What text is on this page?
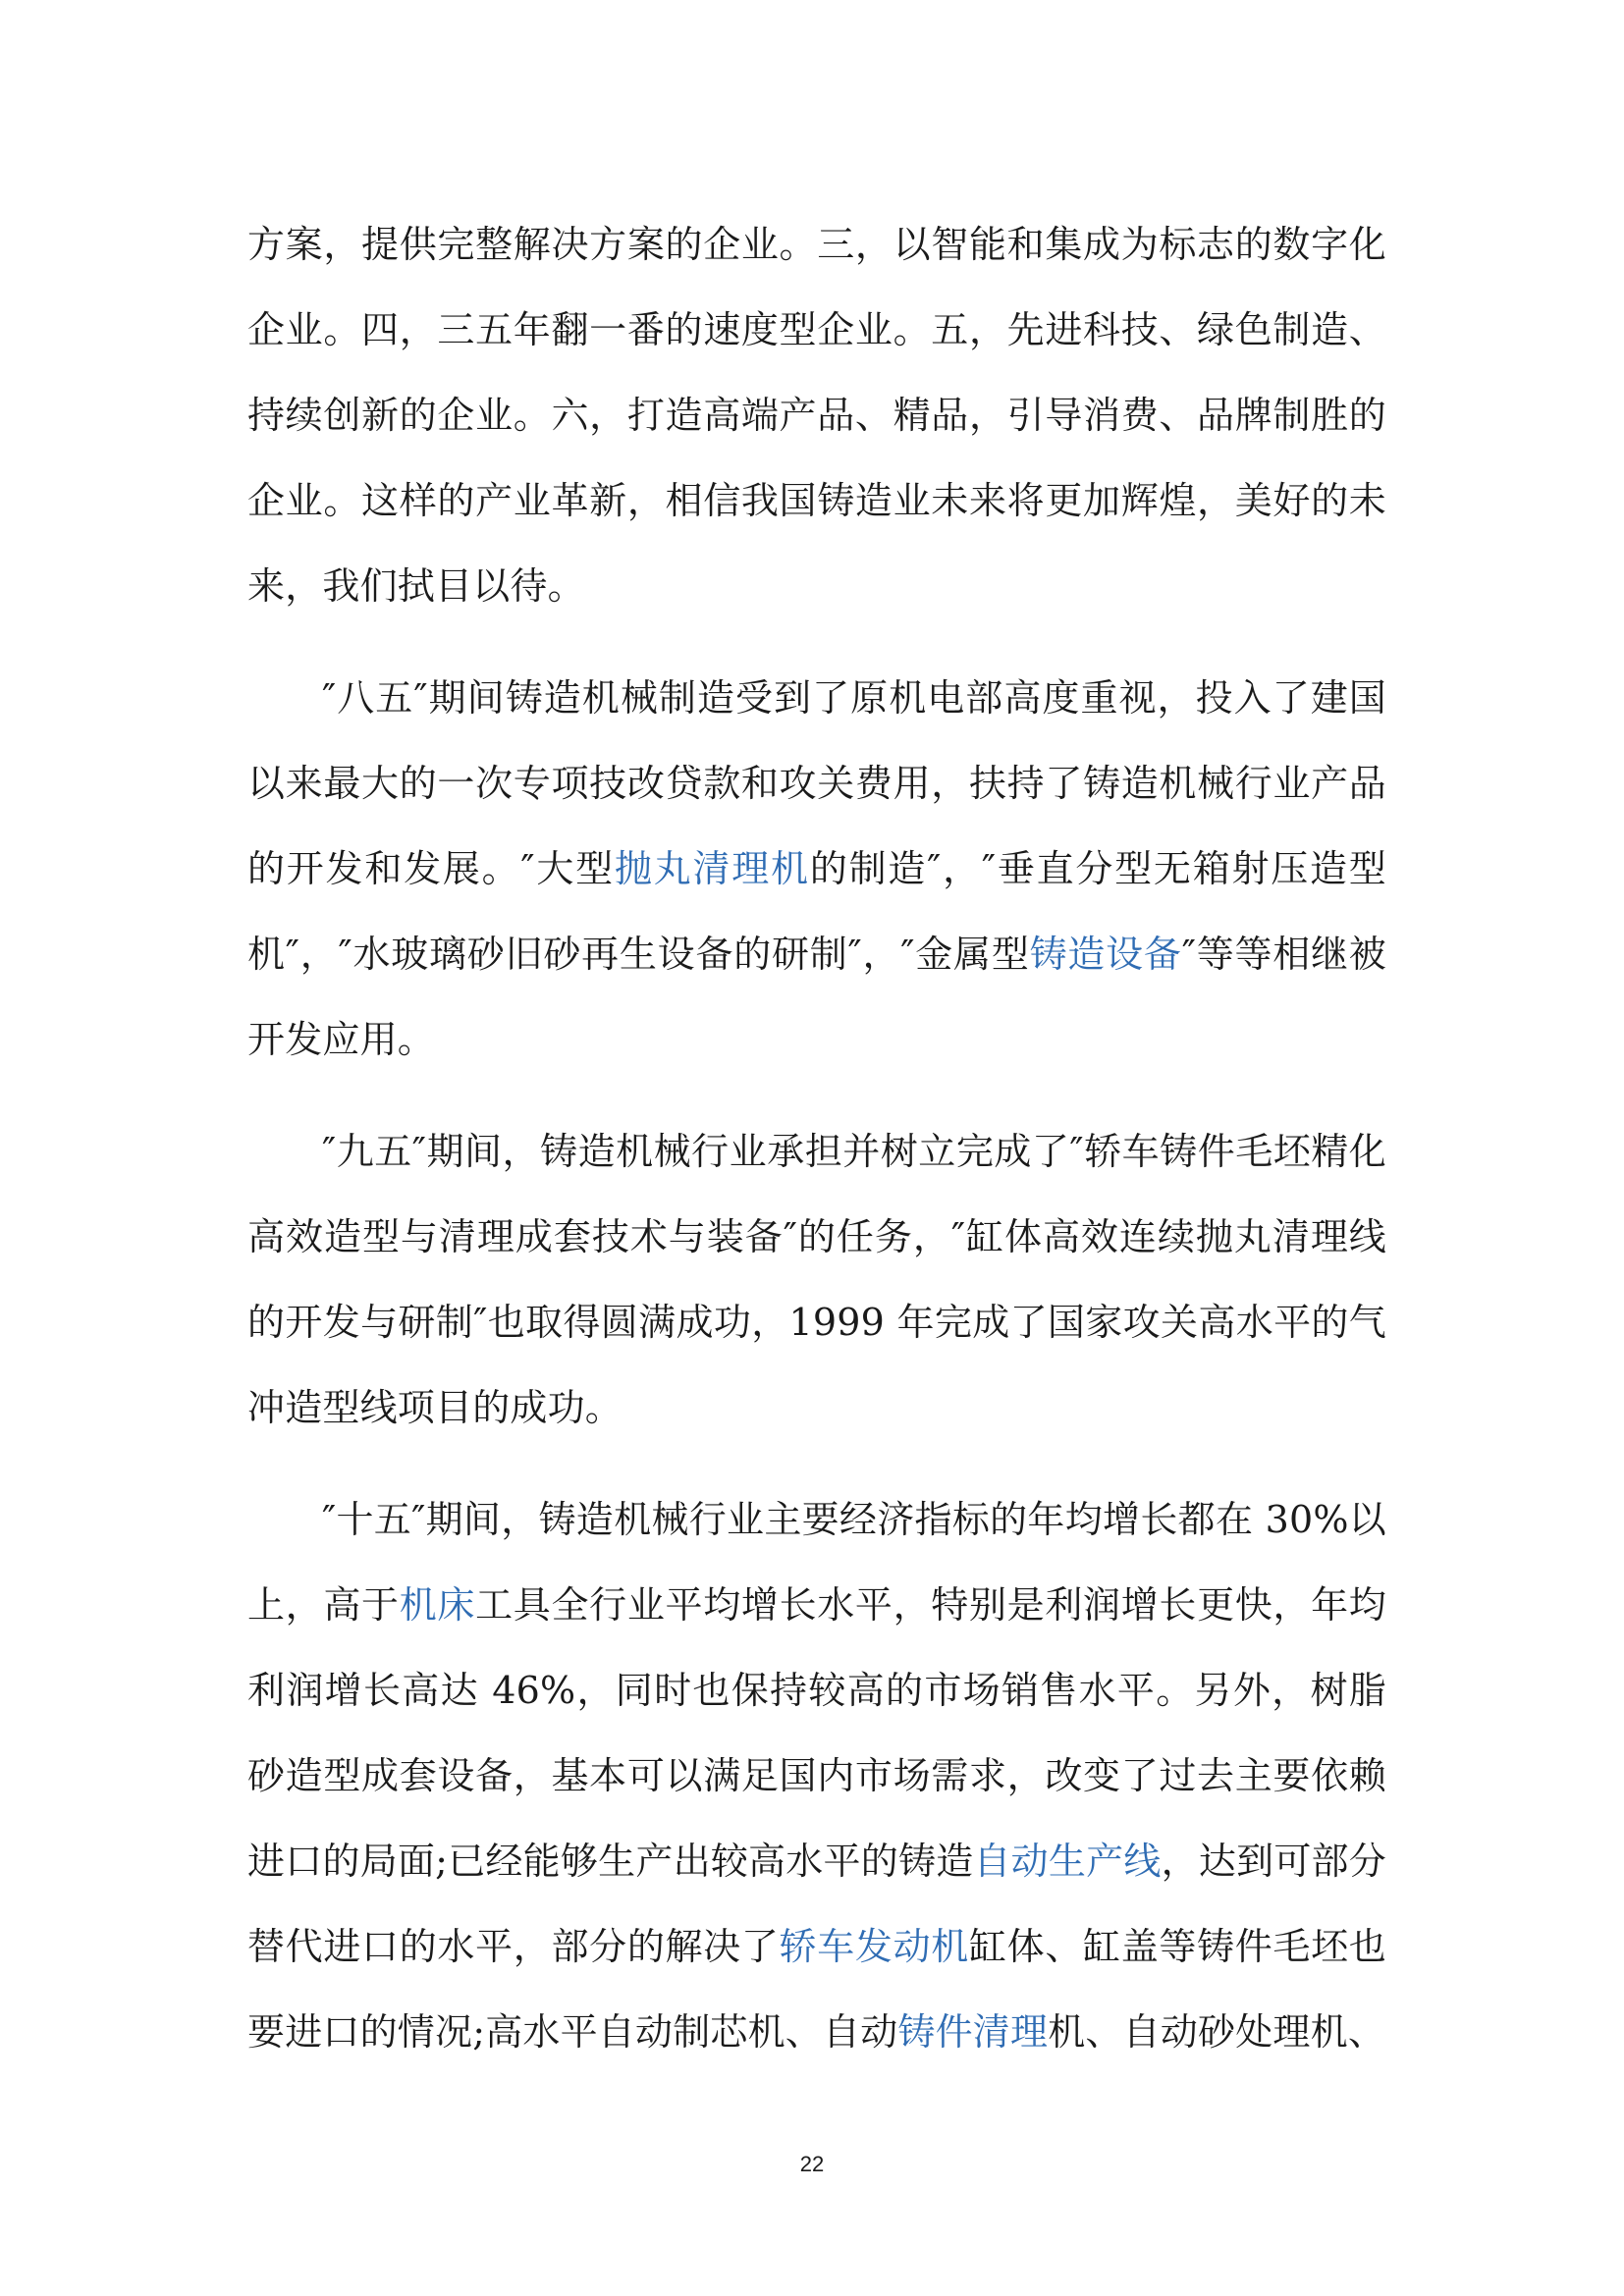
方案，提供完整解决方案的企业。三，以智能和集成为标志的数字化企业。四，三五年翻一番的速度型企业。五，先进科技、绿色制造、持续创新的企业。六，打造高端产品、精品，引导消费、品牌制胜的企业。这样的产业革新，相信我国铸造业未来将更加辉煌，美好的未来，我们拭目以待。

″八五″期间铸造机械制造受到了原机电部高度重视，投入了建国以来最大的一次专项技改贷款和攻关费用，扶持了铸造机械行业产品的开发和发展。″大型抛丸清理机的制造″，″垂直分型无箱射压造型机″，″水玻璃砂旧砂再生设备的研制″，″金属型铸造设备″等等相继被开发应用。

″九五″期间，铸造机械行业承担并树立完成了″轿车铸件毛坯精化高效造型与清理成套技术与装备″的任务，″缸体高效连续抛丸清理线的开发与研制″也取得圆满成功，1999 年完成了国家攻关高水平的气冲造型线项目的成功。

″十五″期间，铸造机械行业主要经济指标的年均增长都在 30%以上，高于机床工具全行业平均增长水平，特别是利润增长更快，年均利润增长高达 46%，同时也保持较高的市场销售水平。另外，树脂砂造型成套设备，基本可以满足国内市场需求，改变了过去主要依赖进口的局面;已经能够生产出较高水平的铸造自动生产线，达到可部分替代进口的水平，部分的解决了轿车发动机缸体、缸盖等铸件毛坯也要进口的情况;高水平自动制芯机、自动铸件清理机、自动砂处理机、

22
